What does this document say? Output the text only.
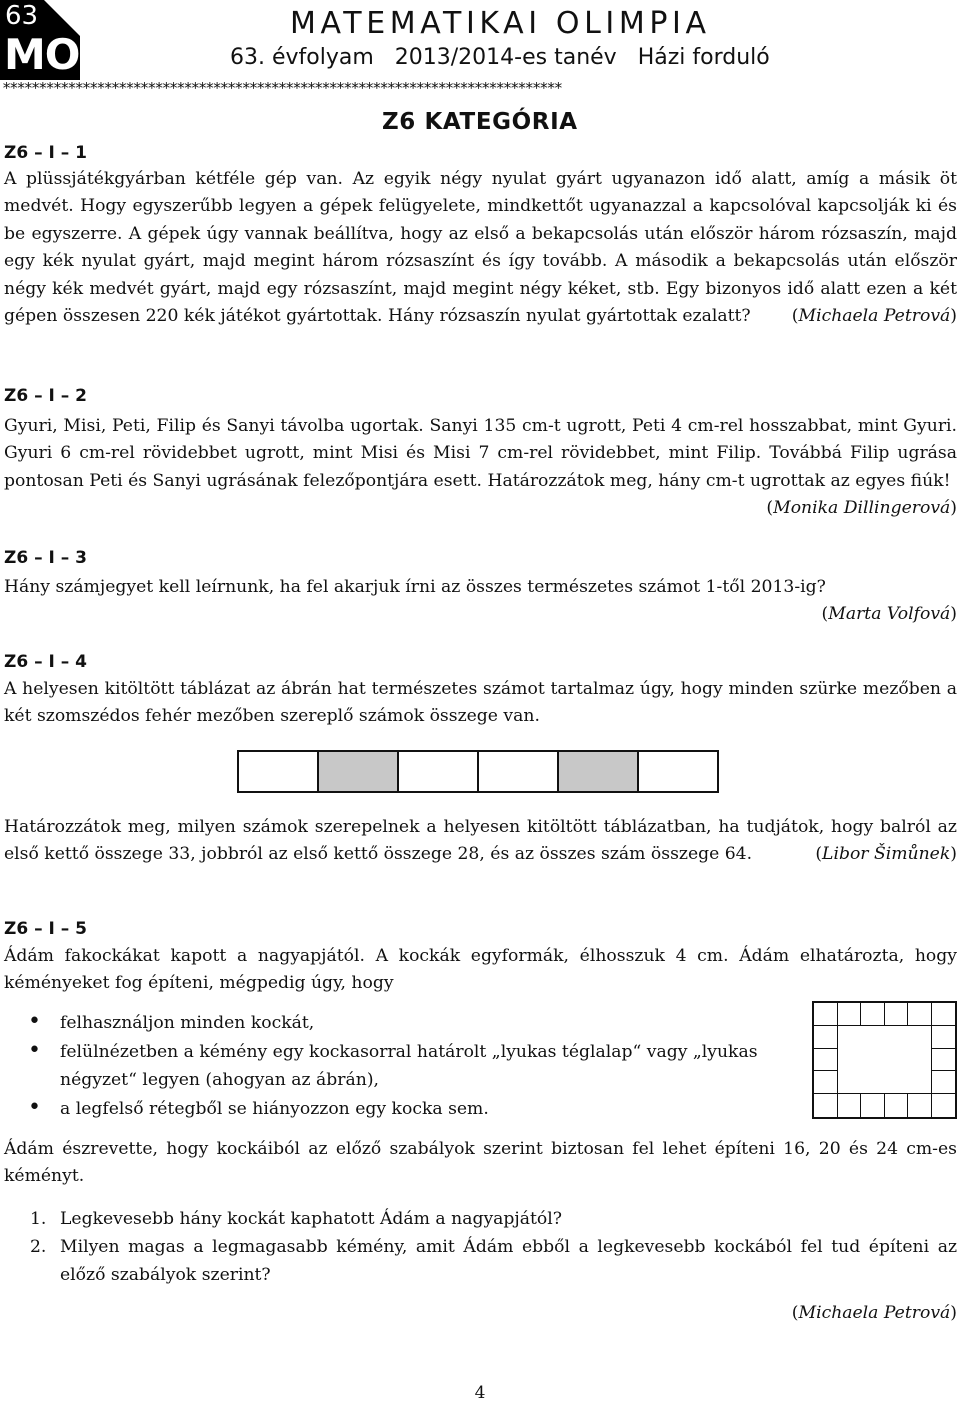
63
MO
MATEMATIKAI OLIMPIA
63. évfolyam 2013/2014-es tanév Házi forduló
*****************************************************************************
Z6 KATEGÓRIA
Z6 – I – 1
A plüssjátékgyárban kétféle gép van. Az egyik négy nyulat gyárt ugyanazon idő alatt, amíg a másik öt medvét. Hogy egyszerűbb legyen a gépek felügyelete, mindkettőt ugyanazzal a kapcsolóval kapcsolják ki és be egyszerre. A gépek úgy vannak beállítva, hogy az első a bekapcsolás után először három rózsaszín, majd egy kék nyulat gyárt, majd megint három rózsaszínt és így tovább. A második a bekapcsolás után először négy kék medvét gyárt, majd egy rózsaszínt, majd megint négy kéket, stb. Egy bizonyos idő alatt ezen a két gépen összesen 220 kék játékot gyártottak. Hány rózsaszín nyulat gyártottak ezalatt?	( Michaela Petrová )
Z6 – I – 2
Gyuri, Misi, Peti, Filip és Sanyi távolba ugortak. Sanyi 135 cm-t ugrott, Peti 4 cm-rel hosszabbat, mint Gyuri. Gyuri 6 cm-rel rövidebbet ugrott, mint Misi és Misi 7 cm-rel rövidebbet, mint Filip. Továbbá Filip ugrása pontosan Peti és Sanyi ugrásának felezőpontjára esett. Határozzátok meg, hány cm-t ugrottak az egyes fiúk!
( Monika Dillingerová )
Z6 – I – 3
Hány számjegyet kell leírnunk, ha fel akarjuk írni az összes természetes számot 1-től 2013-ig?
( Marta Volfová )
Z6 – I – 4
A helyesen kitöltött táblázat az ábrán hat természetes számot tartalmaz úgy, hogy minden szürke mezőben a két szomszédos fehér mezőben szereplő számok összege van.
Határozzátok meg, milyen számok szerepelnek a helyesen kitöltött táblázatban, ha tudjátok, hogy balról az első kettő összege 33, jobbról az első kettő összege 28, és az összes szám összege 64.	( Libor Šimůnek )
Z6 – I – 5
Ádám fakockákat kapott a nagyapjától. A kockák egyformák, élhosszuk 4 cm. Ádám elhatározta, hogy kéményeket fog építeni, mégpedig úgy, hogy
• felhasználjon minden kockát,
• felülnézetben a kémény egy kockasorral határolt „lyukas téglalap“ vagy „lyukas négyzet“ legyen (ahogyan az ábrán),
• a legfelső rétegből se hiányozzon egy kocka sem.
Ádám észrevette, hogy kockáiból az előző szabályok szerint biztosan fel lehet építeni 16, 20 és 24 cm-es kéményt.
1. Legkevesebb hány kockát kaphatott Ádám a nagyapjától?
2. Milyen magas a legmagasabb kémény, amit Ádám ebből a legkevesebb kockából fel tud építeni az előző szabályok szerint?
( Michaela Petrová )
4
